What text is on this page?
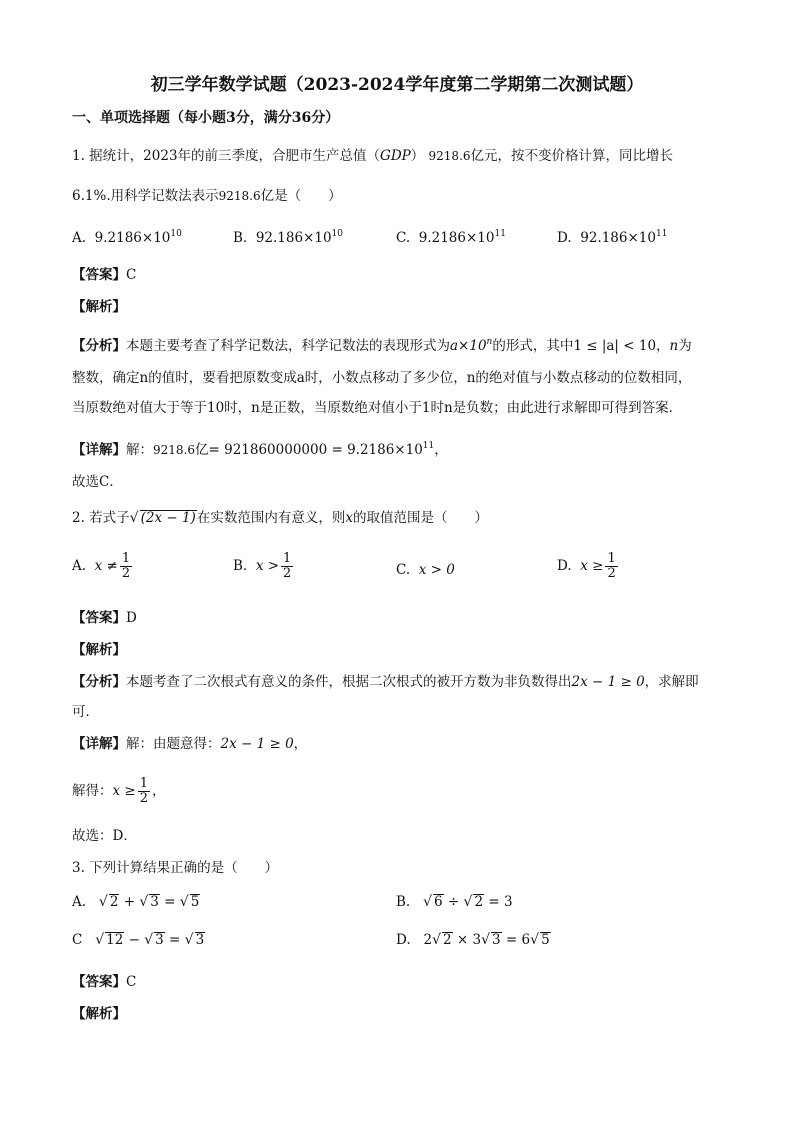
初三学年数学试题（2023-2024学年度第二学期第二次测试题）
一、单项选择题（每小题3分，满分36分）
1. 据统计，2023年的前三季度，合肥市生产总值（GDP） 9218.6亿元，按不变价格计算，同比增长
6.1%.用科学记数法表示9218.6亿是（　　）
A. $9.2186\times 10^{10}$	B. $92.186\times 10^{10}$	C. $9.2186\times 10^{11}$	D. $92.186\times 10^{11}$
【答案】C
【解析】
【分析】本题主要考查了科学记数法，科学记数法的表现形式为$a\times 10^n$的形式，其中1 ≤ |a| < 10，n为
整数，确定n的值时，要看把原数变成a时，小数点移动了多少位，n的绝对值与小数点移动的位数相同，
当原数绝对值大于等于10时，n是正数，当原数绝对值小于1时n是负数；由此进行求解即可得到答案．
【详解】解：9218.6亿= $921860000000 = 9.2186\times 10^{11}$，
故选C．
2. 若式子√ (2x − 1)在实数范围内有意义，则x的取值范围是（　　）
A. $x \ne \frac{1}{2}$	B. $x > \frac{1}{2}$	C. x > 0	D. $x \ge \frac{1}{2}$
【答案】D
【解析】
【分析】本题考查了二次根式有意义的条件，根据二次根式的被开方数为非负数得出2x − 1 ≥ 0，求解即
可．
【详解】解：由题意得：2x − 1 ≥ 0，
解得：$x \ge \frac{1}{2}$ ，
故选：D．
3. 下列计算结果正确的是（　　）
A. √ 2 + √ 3 = √ 5	B. √ 6 ÷ √ 2 = 3
C √ 12 − √ 3 = √ 3	D. 2√ 2 × 3√ 3 = 6√ 5
【答案】C
【解析】
